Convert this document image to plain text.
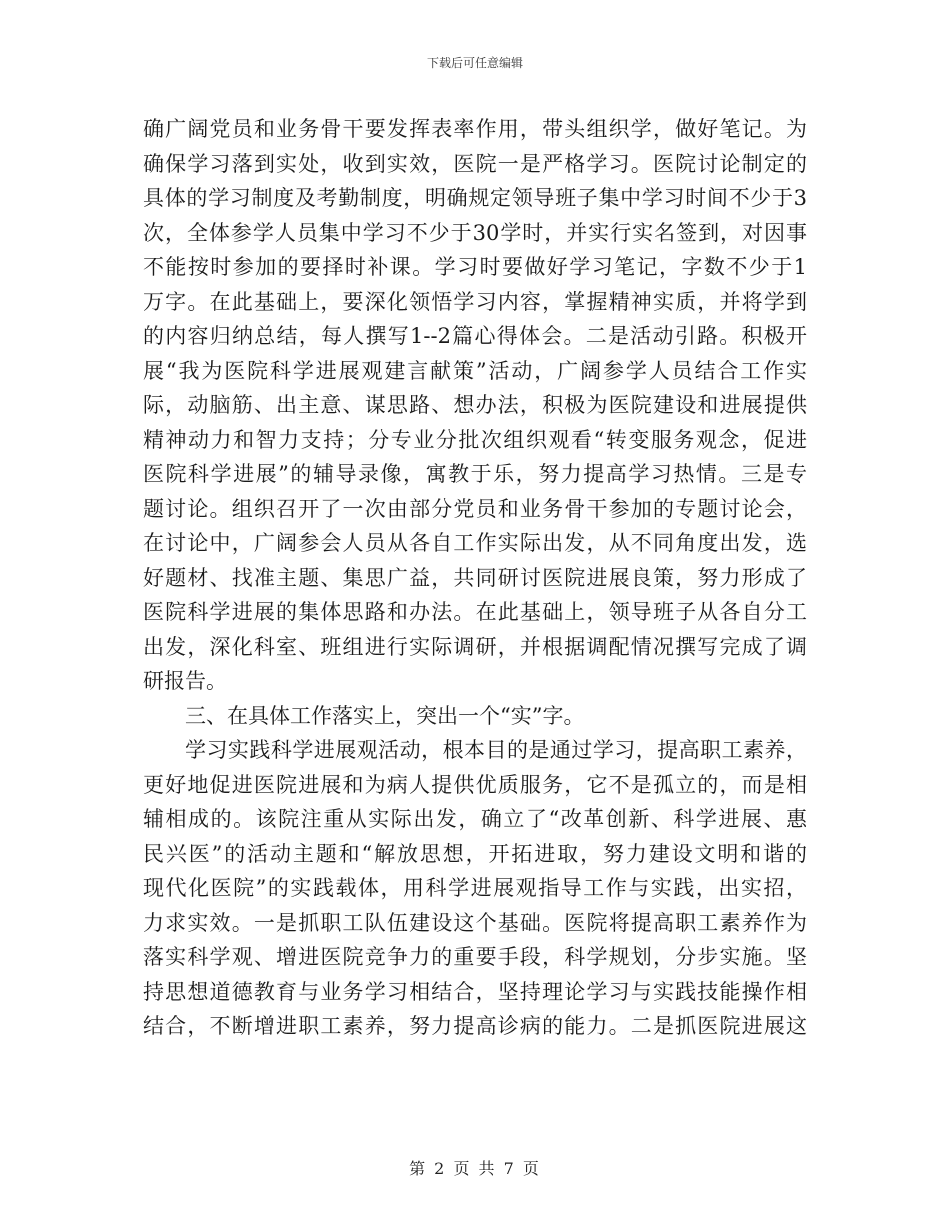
下载后可任意编辑
确广阔党员和业务骨干要发挥表率作用，带头组织学，做好笔记。为
确保学习落到实处，收到实效，医院一是严格学习。医院讨论制定的
具体的学习制度及考勤制度，明确规定领导班子集中学习时间不少于3
次，全体参学人员集中学习不少于30学时，并实行实名签到，对因事
不能按时参加的要择时补课。学习时要做好学习笔记，字数不少于1
万字。在此基础上，要深化领悟学习内容，掌握精神实质，并将学到
的内容归纳总结，每人撰写1--2篇心得体会。二是活动引路。积极开
展“我为医院科学进展观建言献策”活动，广阔参学人员结合工作实
际，动脑筋、出主意、谋思路、想办法，积极为医院建设和进展提供
精神动力和智力支持；分专业分批次组织观看“转变服务观念，促进
医院科学进展”的辅导录像，寓教于乐，努力提高学习热情。三是专
题讨论。组织召开了一次由部分党员和业务骨干参加的专题讨论会，
在讨论中，广阔参会人员从各自工作实际出发，从不同角度出发，选
好题材、找准主题、集思广益，共同研讨医院进展良策，努力形成了
医院科学进展的集体思路和办法。在此基础上，领导班子从各自分工
出发，深化科室、班组进行实际调研，并根据调配情况撰写完成了调
研报告。
三、在具体工作落实上，突出一个“实”字。
学习实践科学进展观活动，根本目的是通过学习，提高职工素养，
更好地促进医院进展和为病人提供优质服务，它不是孤立的，而是相
辅相成的。该院注重从实际出发，确立了“改革创新、科学进展、惠
民兴医”的活动主题和“解放思想，开拓进取，努力建设文明和谐的
现代化医院”的实践载体，用科学进展观指导工作与实践，出实招，
力求实效。一是抓职工队伍建设这个基础。医院将提高职工素养作为
落实科学观、增进医院竞争力的重要手段，科学规划，分步实施。坚
持思想道德教育与业务学习相结合，坚持理论学习与实践技能操作相
结合，不断增进职工素养，努力提高诊病的能力。二是抓医院进展这
第 2 页 共 7 页
